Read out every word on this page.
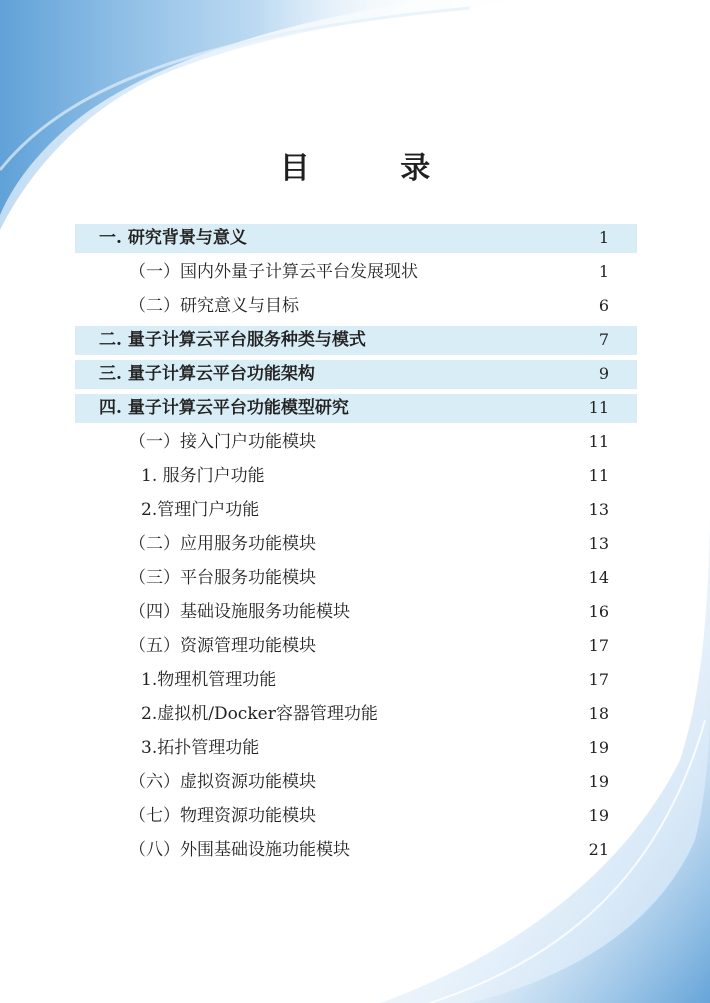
目 录
一. 研究背景与意义	1
（一）国内外量子计算云平台发展现状	1
（二）研究意义与目标	6
二. 量子计算云平台服务种类与模式	7
三. 量子计算云平台功能架构	9
四. 量子计算云平台功能模型研究	11
（一）接入门户功能模块	11
1. 服务门户功能	11
2.管理门户功能	13
（二）应用服务功能模块	13
（三）平台服务功能模块	14
（四）基础设施服务功能模块	16
（五）资源管理功能模块	17
1.物理机管理功能	17
2.虚拟机/Docker容器管理功能	18
3.拓扑管理功能	19
（六）虚拟资源功能模块	19
（七）物理资源功能模块	19
（八）外围基础设施功能模块	21
